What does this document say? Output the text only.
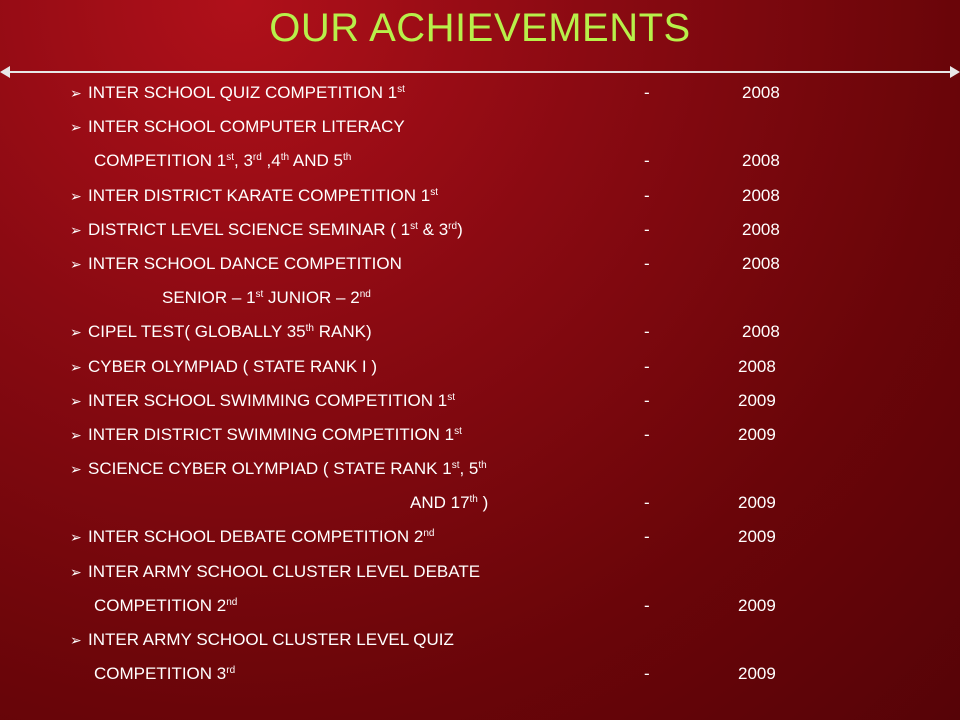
OUR ACHIEVEMENTS
➢ INTER SCHOOL QUIZ COMPETITION 1st	-	2008
➢ INTER SCHOOL COMPUTER LITERACY
COMPETITION 1st, 3rd ,4th AND 5th	-	2008
➢ INTER DISTRICT KARATE COMPETITION 1st	-	2008
➢ DISTRICT LEVEL SCIENCE SEMINAR ( 1st & 3rd)	-	2008
➢ INTER SCHOOL DANCE COMPETITION	-	2008
SENIOR – 1st JUNIOR – 2nd
➢ CIPEL TEST( GLOBALLY 35th RANK)	-	2008
➢ CYBER OLYMPIAD ( STATE RANK I )	-	2008
➢ INTER SCHOOL SWIMMING COMPETITION 1st	-	2009
➢ INTER DISTRICT SWIMMING COMPETITION 1st	-	2009
➢ SCIENCE CYBER OLYMPIAD ( STATE RANK 1st, 5th
AND 17th )	-	2009
➢ INTER SCHOOL DEBATE COMPETITION 2nd	-	2009
➢ INTER ARMY SCHOOL CLUSTER LEVEL DEBATE
COMPETITION 2nd	-	2009
➢ INTER ARMY SCHOOL CLUSTER LEVEL QUIZ
COMPETITION 3rd	-	2009
